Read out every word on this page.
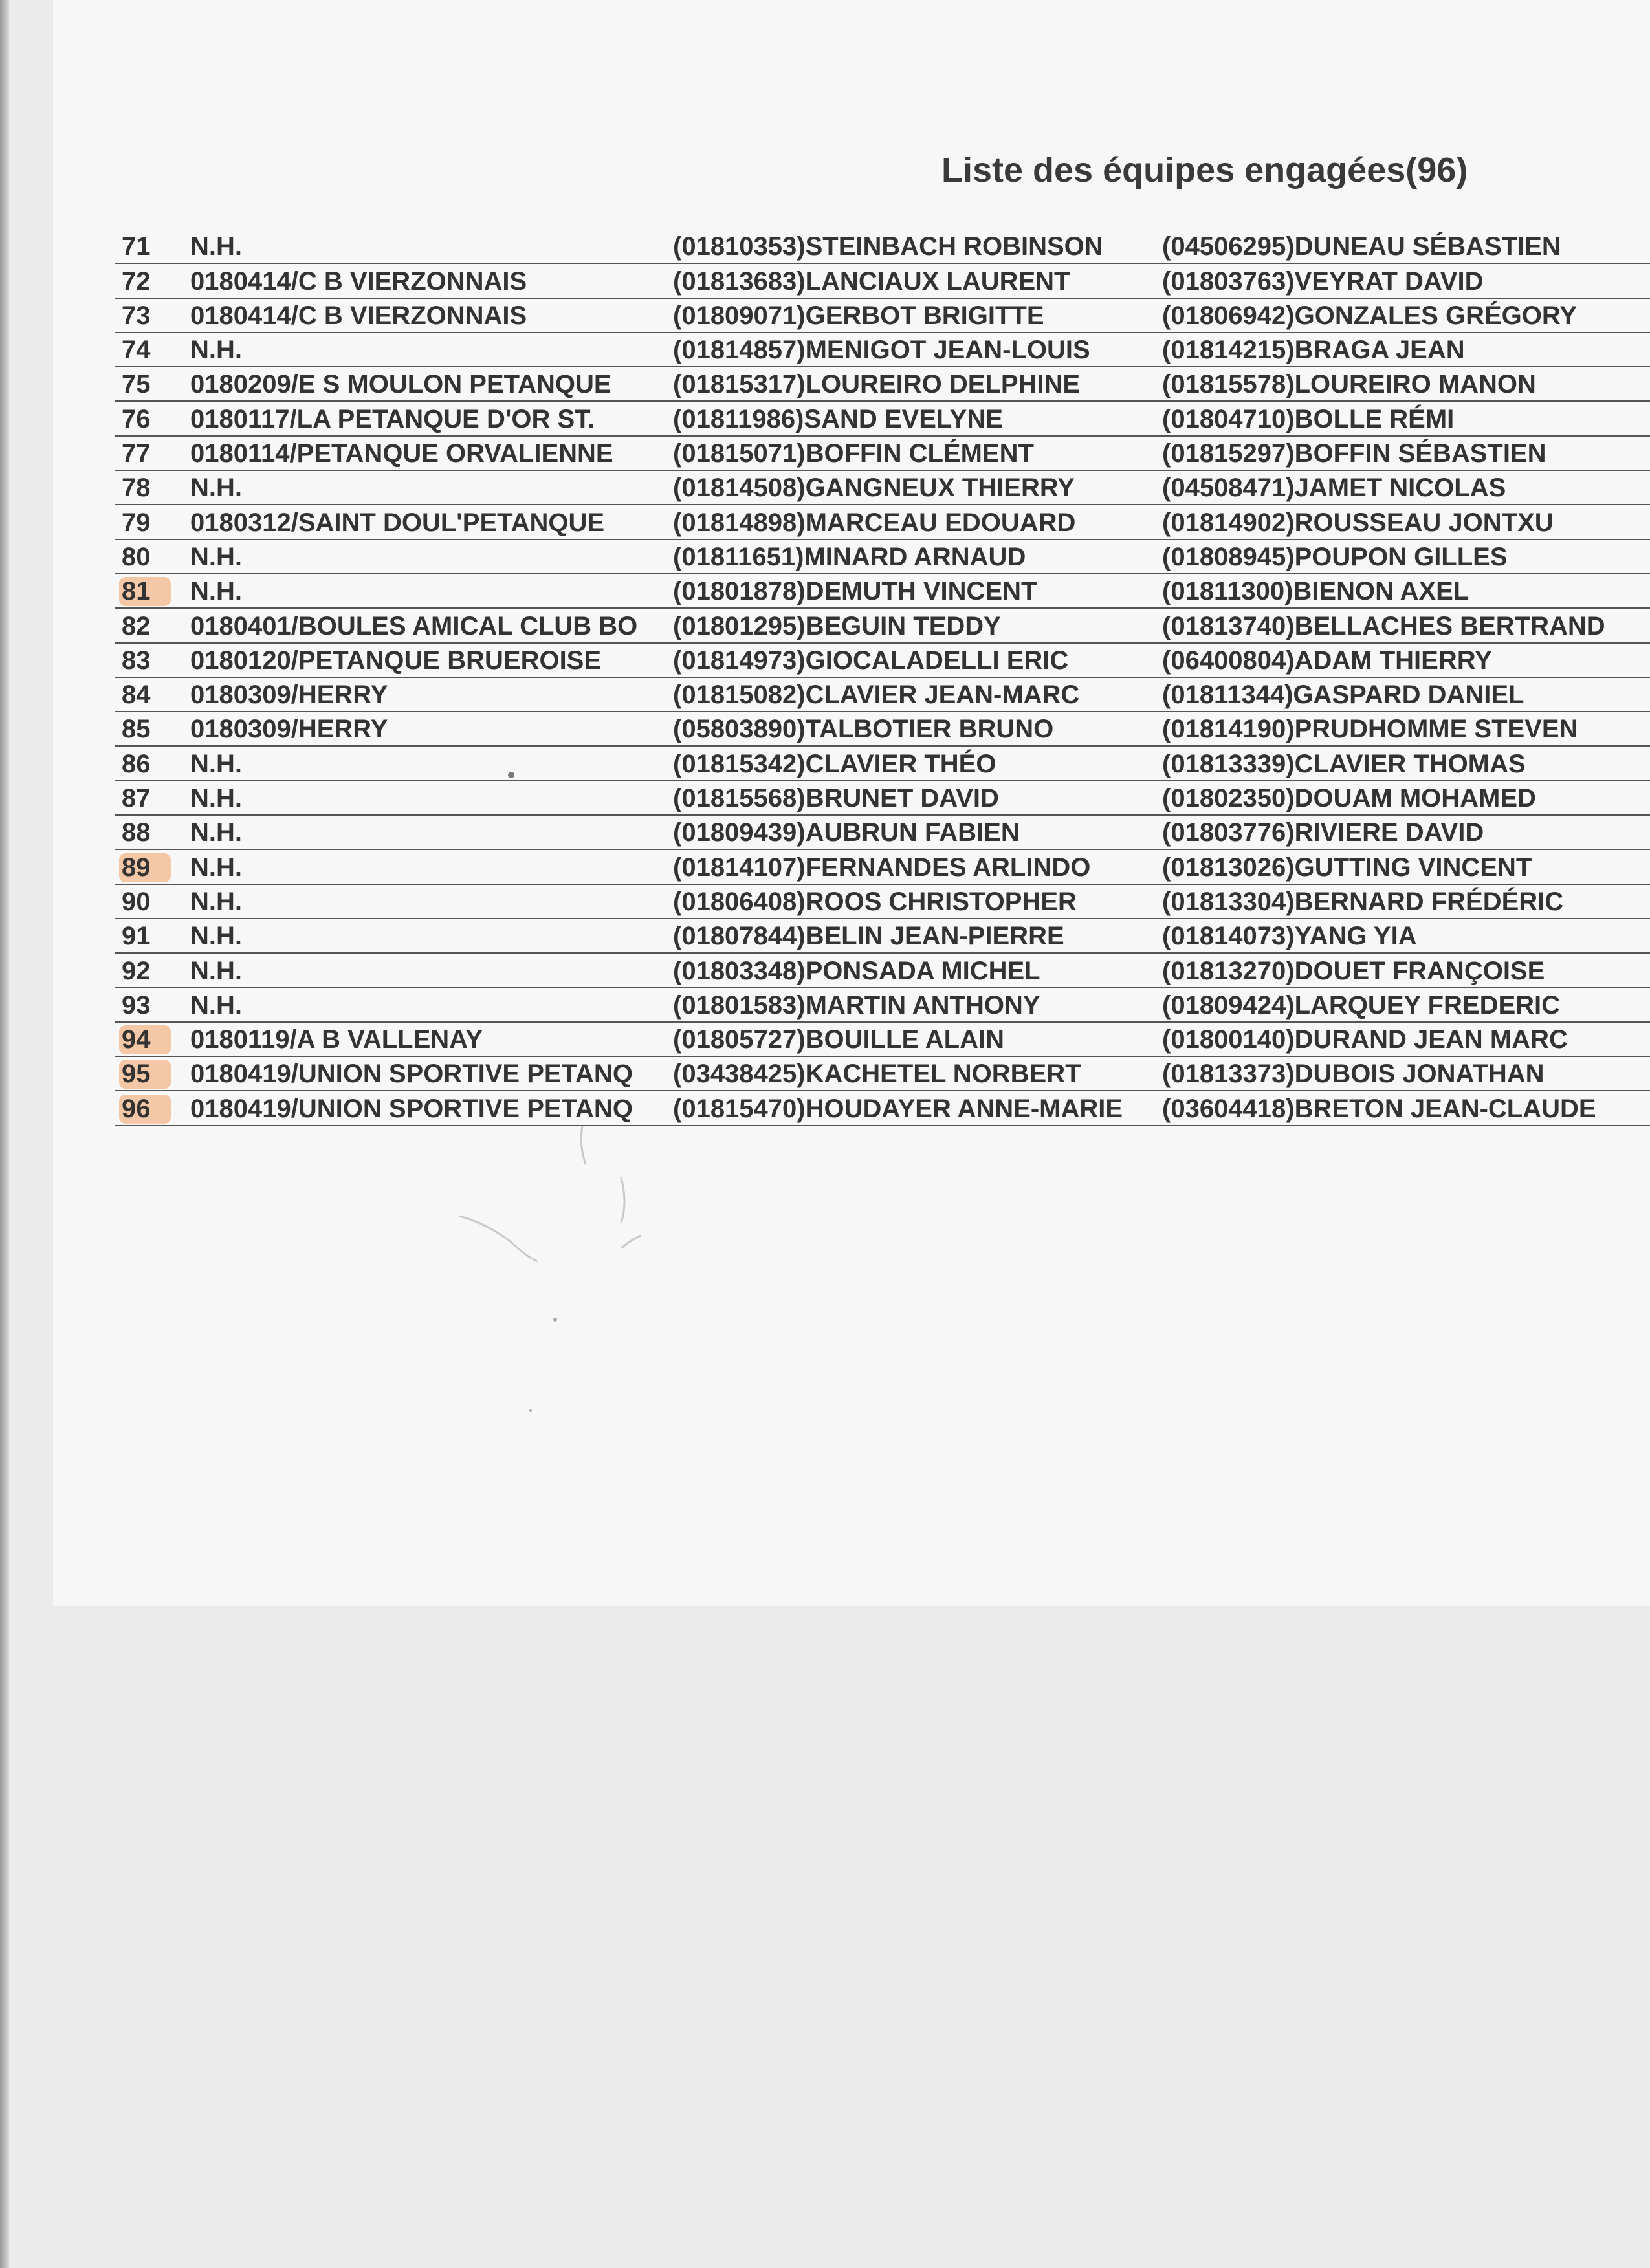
Liste des équipes engagées(96)
71	N.H.	(01810353)STEINBACH ROBINSON (04506295)DUNEAU SÉBASTIEN
72	0180414/C B VIERZONNAIS	(01813683)LANCIAUX LAURENT	(01803763)VEYRAT DAVID
73	0180414/C B VIERZONNAIS	(01809071)GERBOT BRIGITTE	(01806942)GONZALES GRÉGORY
74	N.H.	(01814857)MENIGOT JEAN-LOUIS	(01814215)BRAGA JEAN
75	0180209/E S MOULON PETANQUE (01815317)LOUREIRO DELPHINE	(01815578)LOUREIRO MANON
76	0180117/LA PETANQUE D'OR ST.	(01811986)SAND EVELYNE	(01804710)BOLLE RÉMI
77	0180114/PETANQUE ORVALIENNE (01815071)BOFFIN CLÉMENT	(01815297)BOFFIN SÉBASTIEN
78	N.H.	(01814508)GANGNEUX THIERRY	(04508471)JAMET NICOLAS
79	0180312/SAINT DOUL'PETANQUE	(01814898)MARCEAU EDOUARD	(01814902)ROUSSEAU JONTXU
80	N.H.	(01811651)MINARD ARNAUD	(01808945)POUPON GILLES
81	N.H.	(01801878)DEMUTH VINCENT	(01811300)BIENON AXEL
82	0180401/BOULES AMICAL CLUB BO (01801295)BEGUIN TEDDY	(01813740)BELLACHES BERTRAND
83	0180120/PETANQUE BRUEROISE	(01814973)GIOCALADELLI ERIC	(06400804)ADAM THIERRY
84	0180309/HERRY	(01815082)CLAVIER JEAN-MARC	(01811344)GASPARD DANIEL
85	0180309/HERRY	(05803890)TALBOTIER BRUNO	(01814190)PRUDHOMME STEVEN
86	N.H.	(01815342)CLAVIER THÉO	(01813339)CLAVIER THOMAS
87	N.H.	(01815568)BRUNET DAVID	(01802350)DOUAM MOHAMED
88	N.H.	(01809439)AUBRUN FABIEN	(01803776)RIVIERE DAVID
89	N.H.	(01814107)FERNANDES ARLINDO	(01813026)GUTTING VINCENT
90	N.H.	(01806408)ROOS CHRISTOPHER	(01813304)BERNARD FRÉDÉRIC
91	N.H.	(01807844)BELIN JEAN-PIERRE	(01814073)YANG YIA
92	N.H.	(01803348)PONSADA MICHEL	(01813270)DOUET FRANÇOISE
93	N.H.	(01801583)MARTIN ANTHONY	(01809424)LARQUEY FREDERIC
94	0180119/A B VALLENAY	(01805727)BOUILLE ALAIN	(01800140)DURAND JEAN MARC
95	0180419/UNION SPORTIVE PETANQ (03438425)KACHETEL NORBERT	(01813373)DUBOIS JONATHAN
96	0180419/UNION SPORTIVE PETANQ (01815470)HOUDAYER ANNE-MARIE (03604418)BRETON JEAN-CLAUDE
